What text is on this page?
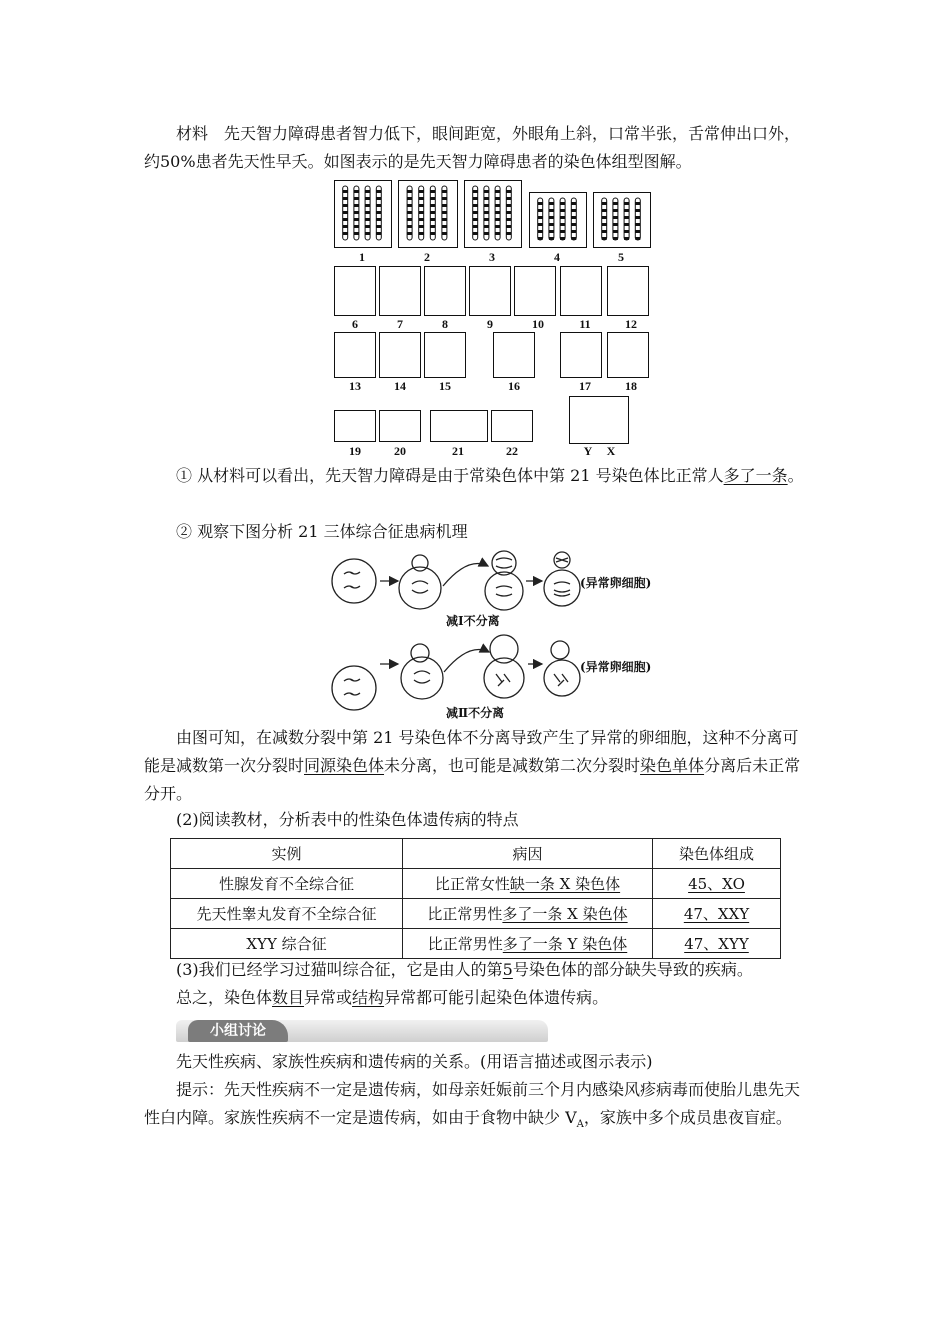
材料  先天智力障碍患者智力低下，眼间距宽，外眼角上斜，口常半张，舌常伸出口外，约50%患者先天性早夭。如图表示的是先天智力障碍患者的染色体组型图解。

1	2	3	4	5
6	7	8	9	10	11	12
13	14	15	16	17	18
19	20	21	22	Y	X

① 从材料可以看出，先天智力障碍是由于常染色体中第 21 号染色体比正常人多了一条。

② 观察下图分析 21 三体综合征患病机理

(异常卵细胞)
减Ⅰ不分离
(异常卵细胞)
减Ⅱ不分离

由图可知，在减数分裂中第 21 号染色体不分离导致产生了异常的卵细胞，这种不分离可能是减数第一次分裂时同源染色体未分离，也可能是减数第二次分裂时染色单体分离后未正常分开。

(2)阅读教材，分析表中的性染色体遗传病的特点

实例	病因	染色体组成
性腺发育不全综合征	比正常女性缺一条 X 染色体	45、XO
先天性睾丸发育不全综合征	比正常男性多了一条 X 染色体	47、XXY
XYY 综合征	比正常男性多了一条 Y 染色体	47、XYY

(3)我们已经学习过猫叫综合征，它是由人的第5号染色体的部分缺失导致的疾病。

总之，染色体数目异常或结构异常都可能引起染色体遗传病。

小组讨论

先天性疾病、家族性疾病和遗传病的关系。(用语言描述或图示表示)

提示：先天性疾病不一定是遗传病，如母亲妊娠前三个月内感染风疹病毒而使胎儿患先天性白内障。家族性疾病不一定是遗传病，如由于食物中缺少 $V_A$，家族中多个成员患夜盲症。
